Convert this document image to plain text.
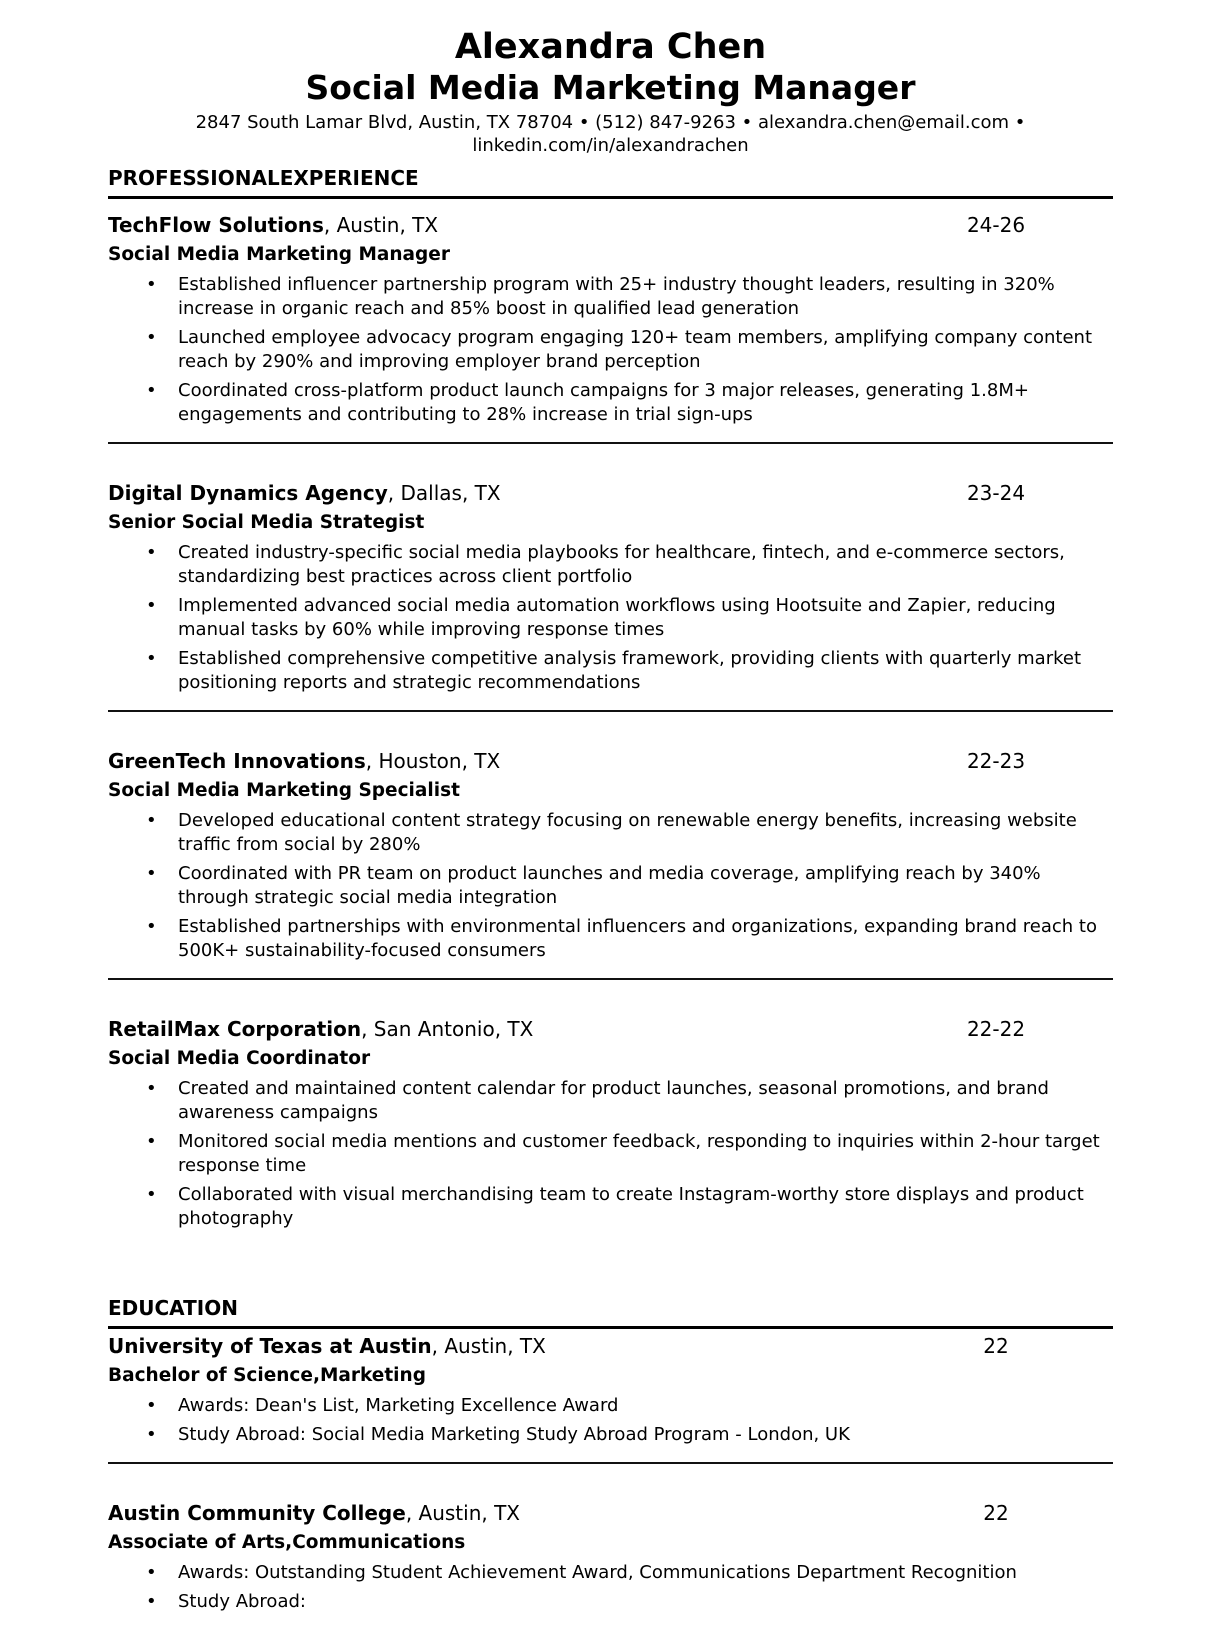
Alexandra Chen
Social Media Marketing Manager
2847 South Lamar Blvd, Austin, TX 78704 • (512) 847-9263 • alexandra.chen@email.com •
linkedin.com/in/alexandrachen
PROFESSIONALEXPERIENCE
TechFlow Solutions, Austin, TX	24-26
Social Media Marketing Manager
• Established influencer partnership program with 25+ industry thought leaders, resulting in 320% increase in organic reach and 85% boost in qualified lead generation
• Launched employee advocacy program engaging 120+ team members, amplifying company content reach by 290% and improving employer brand perception
• Coordinated cross-platform product launch campaigns for 3 major releases, generating 1.8M+ engagements and contributing to 28% increase in trial sign-ups
Digital Dynamics Agency, Dallas, TX	23-24
Senior Social Media Strategist
• Created industry-specific social media playbooks for healthcare, fintech, and e-commerce sectors, standardizing best practices across client portfolio
• Implemented advanced social media automation workflows using Hootsuite and Zapier, reducing manual tasks by 60% while improving response times
• Established comprehensive competitive analysis framework, providing clients with quarterly market positioning reports and strategic recommendations
GreenTech Innovations, Houston, TX	22-23
Social Media Marketing Specialist
• Developed educational content strategy focusing on renewable energy benefits, increasing website traffic from social by 280%
• Coordinated with PR team on product launches and media coverage, amplifying reach by 340% through strategic social media integration
• Established partnerships with environmental influencers and organizations, expanding brand reach to 500K+ sustainability-focused consumers
RetailMax Corporation, San Antonio, TX	22-22
Social Media Coordinator
• Created and maintained content calendar for product launches, seasonal promotions, and brand awareness campaigns
• Monitored social media mentions and customer feedback, responding to inquiries within 2-hour target response time
• Collaborated with visual merchandising team to create Instagram-worthy store displays and product photography
EDUCATION
University of Texas at Austin, Austin, TX	22
Bachelor of Science,Marketing
• Awards: Dean's List, Marketing Excellence Award
• Study Abroad: Social Media Marketing Study Abroad Program - London, UK
Austin Community College, Austin, TX	22
Associate of Arts,Communications
• Awards: Outstanding Student Achievement Award, Communications Department Recognition
• Study Abroad:
